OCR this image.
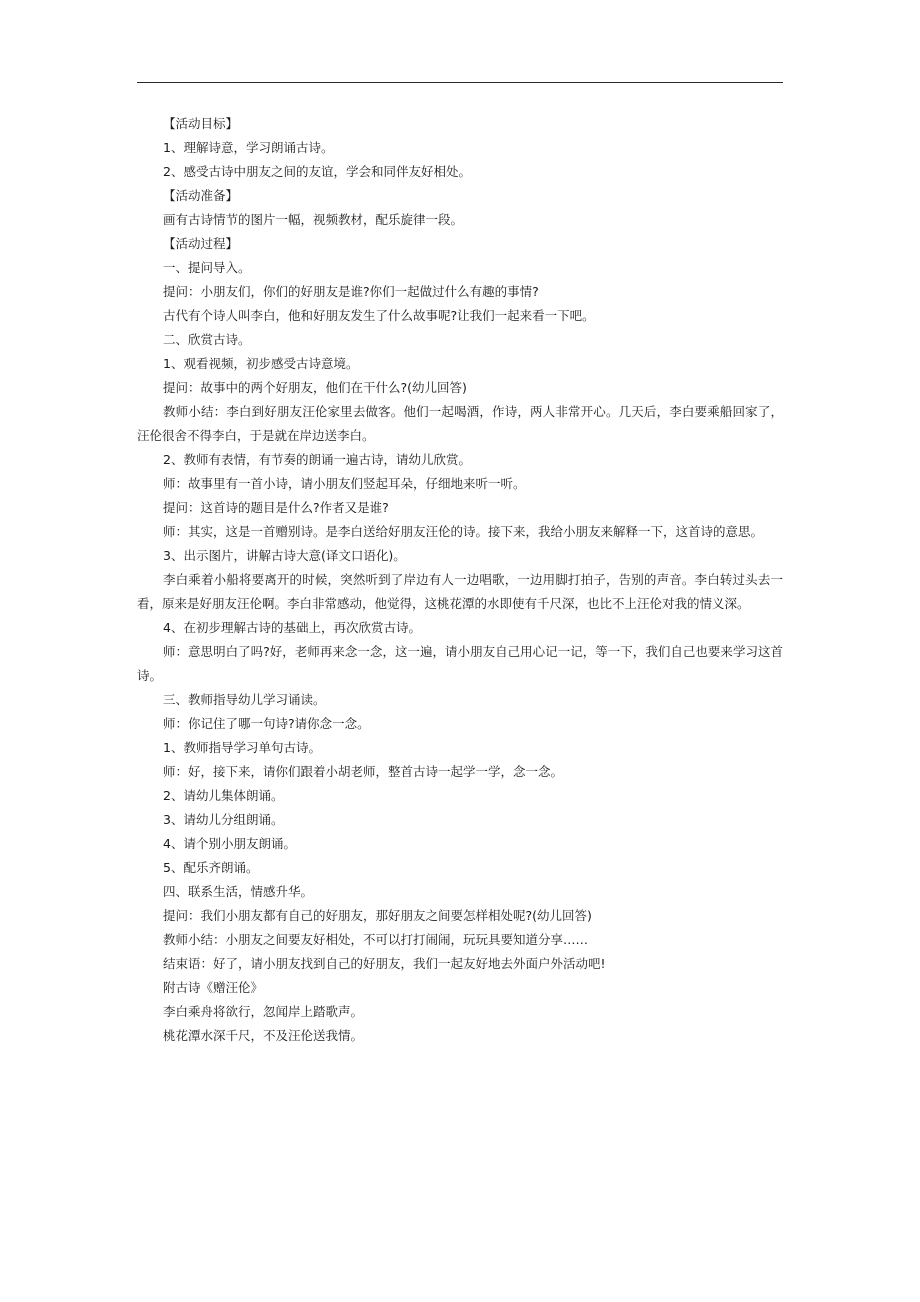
【活动目标】
1、理解诗意，学习朗诵古诗。
2、感受古诗中朋友之间的友谊，学会和同伴友好相处。
【活动准备】
画有古诗情节的图片一幅，视频教材，配乐旋律一段。
【活动过程】
一、提问导入。
提问：小朋友们，你们的好朋友是谁?你们一起做过什么有趣的事情?
古代有个诗人叫李白，他和好朋友发生了什么故事呢?让我们一起来看一下吧。
二、欣赏古诗。
1、观看视频，初步感受古诗意境。
提问：故事中的两个好朋友，他们在干什么?(幼儿回答)
教师小结：李白到好朋友汪伦家里去做客。他们一起喝酒，作诗，两人非常开心。几天后，李白要乘船回家了，汪伦很舍不得李白，于是就在岸边送李白。
2、教师有表情，有节奏的朗诵一遍古诗，请幼儿欣赏。
师：故事里有一首小诗，请小朋友们竖起耳朵，仔细地来听一听。
提问：这首诗的题目是什么?作者又是谁?
师：其实，这是一首赠别诗。是李白送给好朋友汪伦的诗。接下来，我给小朋友来解释一下，这首诗的意思。
3、出示图片，讲解古诗大意(译文口语化)。
李白乘着小船将要离开的时候，突然听到了岸边有人一边唱歌，一边用脚打拍子，告别的声音。李白转过头去一看，原来是好朋友汪伦啊。李白非常感动，他觉得，这桃花潭的水即使有千尺深，也比不上汪伦对我的情义深。
4、在初步理解古诗的基础上，再次欣赏古诗。
师：意思明白了吗?好，老师再来念一念，这一遍，请小朋友自己用心记一记，等一下，我们自己也要来学习这首诗。
三、教师指导幼儿学习诵读。
师：你记住了哪一句诗?请你念一念。
1、教师指导学习单句古诗。
师：好，接下来，请你们跟着小胡老师，整首古诗一起学一学，念一念。
2、请幼儿集体朗诵。
3、请幼儿分组朗诵。
4、请个别小朋友朗诵。
5、配乐齐朗诵。
四、联系生活，情感升华。
提问：我们小朋友都有自己的好朋友，那好朋友之间要怎样相处呢?(幼儿回答)
教师小结：小朋友之间要友好相处，不可以打打闹闹，玩玩具要知道分享……
结束语：好了，请小朋友找到自己的好朋友，我们一起友好地去外面户外活动吧!
附古诗《赠汪伦》
李白乘舟将欲行，忽闻岸上踏歌声。
桃花潭水深千尺，不及汪伦送我情。
